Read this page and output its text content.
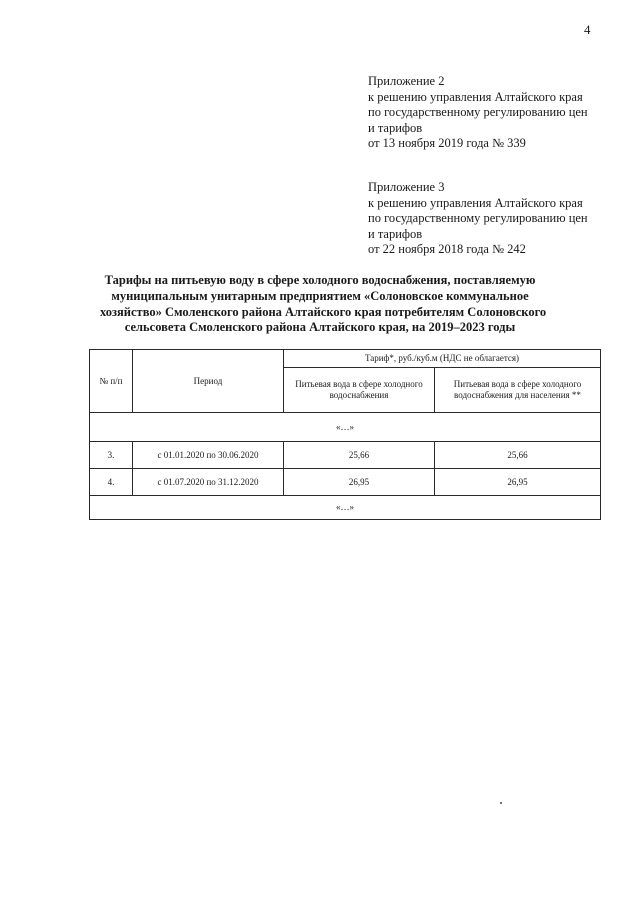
4
Приложение 2
к решению управления Алтайского края
по государственному регулированию цен
и тарифов
от 13 ноября 2019 года № 339
Приложение 3
к решению управления Алтайского края
по государственному регулированию цен
и тарифов
от 22 ноября 2018 года № 242
Тарифы на питьевую воду в сфере холодного водоснабжения, поставляемую
муниципальным унитарным предприятием «Солоновское коммунальное
хозяйство» Смоленского района Алтайского края потребителям Солоновского
сельсовета Смоленского района Алтайского края, на 2019–2023 годы
№ п/п	Период	Тариф*, руб./куб.м (НДС не облагается)	
		Питьевая вода в сфере холодного водоснабжения	Питьевая вода в сфере холодного водоснабжения для населения **
«…»			
3.	с 01.01.2020 по 30.06.2020	25,66	25,66
4.	с 01.07.2020 по 31.12.2020	26,95	26,95
«…»			
